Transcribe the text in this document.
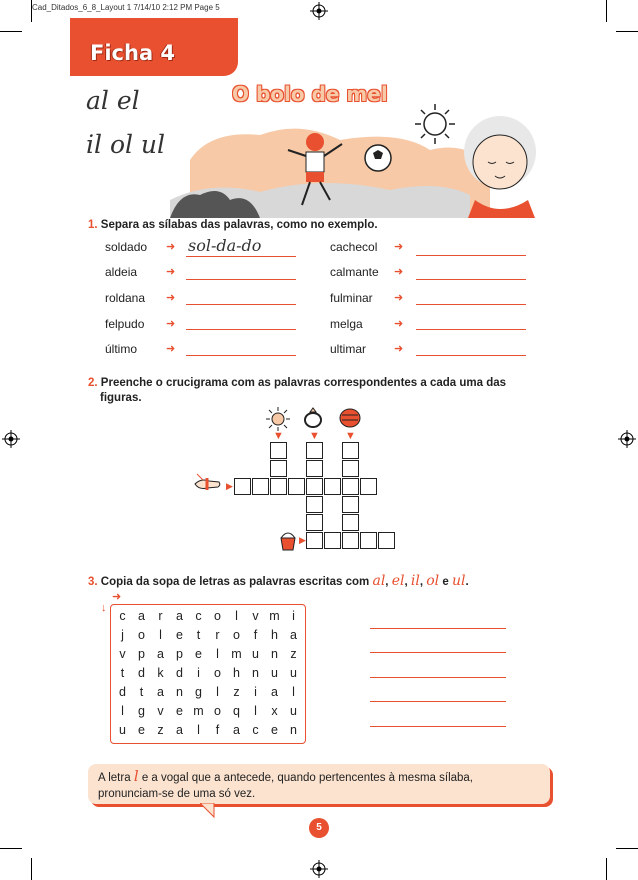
Cad_Ditados_6_8_Layout 1 7/14/10 2:12 PM Page 5
Ficha 4
al el
il ol ul
O bolo de mel
1. Separa as sílabas das palavras, como no exemplo.
soldado ➜ sol-da-do
aldeia	➜
roldana ➜
felpudo ➜
último	➜
cachecol ➜
calmante ➜
fulminar ➜
melga	➜
ultimar	➜
2. Preenche o crucigrama com as palavras correspondentes a cada uma das
figuras.
▼ ▼ ▼
▶
▶
3. Copia da sopa de letras as palavras escritas com al, el, il, ol e ul.
➜
↓
c a	r	a c o	l	v m i
j	o	l	e	t	r	o	f	h a
v p a p e	l m u n z
t	d k d	i	o h n u u
d	t	a n g	l	z	i	a	l
l	g v e m o q	l	x u
u e z a	l	f	a c e n
A letra l e a vogal que a antecede, quando pertencentes à mesma sílaba,
pronunciam-se de uma só vez.
5
